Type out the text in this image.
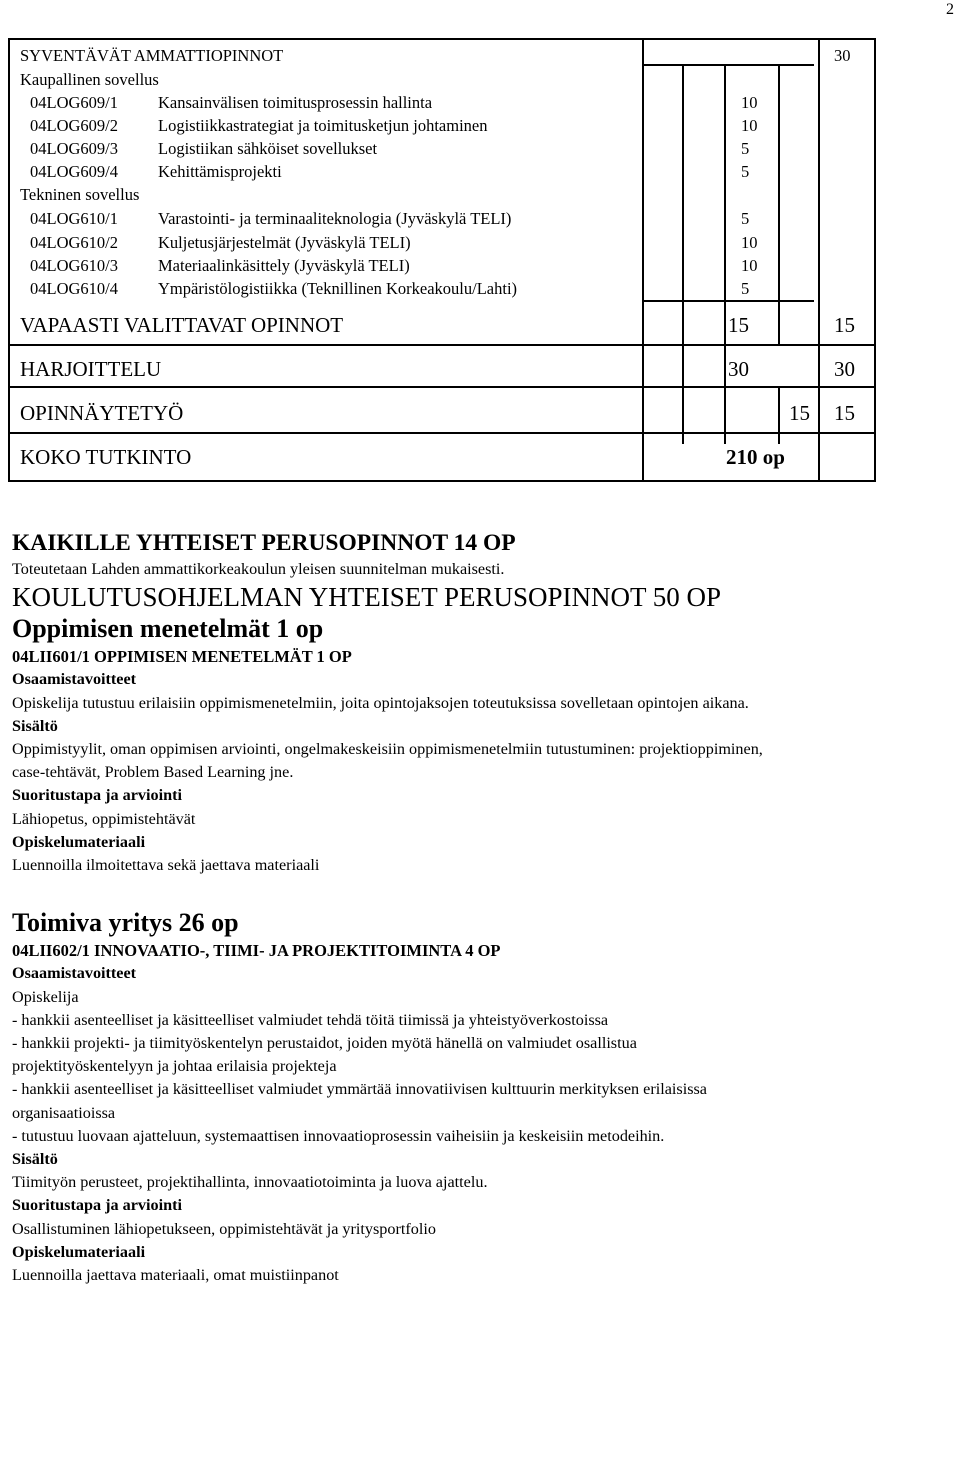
2
SYVENTÄVÄT AMMATTIOPINNOT	30
Kaupallinen sovellus
04LOG609/1 Kansainvälisen toimitusprosessin hallinta	10
04LOG609/2 Logistiikkastrategiat ja toimitusketjun johtaminen	10
04LOG609/3 Logistiikan sähköiset sovellukset	5
04LOG609/4 Kehittämisprojekti	5
Tekninen sovellus
04LOG610/1 Varastointi- ja terminaaliteknologia (Jyväskylä TELI)	5
04LOG610/2 Kuljetusjärjestelmät (Jyväskylä TELI)	10
04LOG610/3 Materiaalinkäsittely (Jyväskylä TELI)	10
04LOG610/4 Ympäristölogistiikka (Teknillinen Korkeakoulu/Lahti)	5
VAPAASTI VALITTAVAT OPINNOT	15	15
HARJOITTELU	30	30
OPINNÄYTETYÖ	15 15
KOKO TUTKINTO	210 op

KAIKILLE YHTEISET PERUSOPINNOT 14 OP

Toteutetaan Lahden ammattikorkeakoulun yleisen suunnitelman mukaisesti.

KOULUTUSOHJELMAN YHTEISET PERUSOPINNOT 50 OP

Oppimisen menetelmät 1 op

04LII601/1 OPPIMISEN MENETELMÄT 1 OP

Osaamistavoitteet

Opiskelija tutustuu erilaisiin oppimismenetelmiin, joita opintojaksojen toteutuksissa sovelletaan opintojen aikana.

Sisältö

Oppimistyylit, oman oppimisen arviointi, ongelmakeskeisiin oppimismenetelmiin tutustuminen: projektioppiminen,

case-tehtävät, Problem Based Learning jne.

Suoritustapa ja arviointi

Lähiopetus, oppimistehtävät

Opiskelumateriaali

Luennoilla ilmoitettava sekä jaettava materiaali

Toimiva yritys 26 op

04LII602/1 INNOVAATIO-, TIIMI- JA PROJEKTITOIMINTA 4 OP

Osaamistavoitteet

Opiskelija

- hankkii asenteelliset ja käsitteelliset valmiudet tehdä töitä tiimissä ja yhteistyöverkostoissa

- hankkii projekti- ja tiimityöskentelyn perustaidot, joiden myötä hänellä on valmiudet osallistua

projektityöskentelyyn ja johtaa erilaisia projekteja

- hankkii asenteelliset ja käsitteelliset valmiudet ymmärtää innovatiivisen kulttuurin merkityksen erilaisissa

organisaatioissa

- tutustuu luovaan ajatteluun, systemaattisen innovaatioprosessin vaiheisiin ja keskeisiin metodeihin.

Sisältö

Tiimityön perusteet, projektihallinta, innovaatiotoiminta ja luova ajattelu.

Suoritustapa ja arviointi

Osallistuminen lähiopetukseen, oppimistehtävät ja yritysportfolio

Opiskelumateriaali

Luennoilla jaettava materiaali, omat muistiinpanot
